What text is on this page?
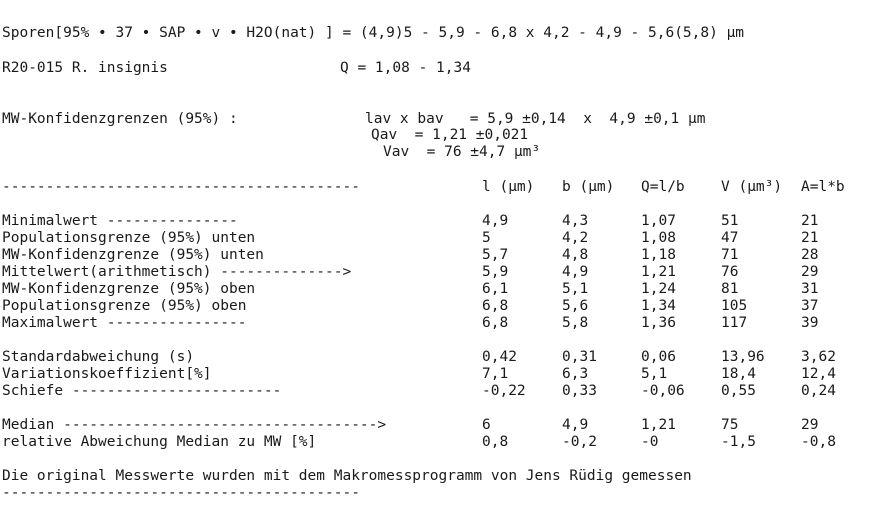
Sporen[95% • 37 • SAP • v • H2O(nat) ] = (4,9)5 - 5,9 - 6,8 x 4,2 - 4,9 - 5,6(5,8) µm
R20-015 R. insignis	Q = 1,08 - 1,34
MW-Konfidenzgrenzen (95%) :	lav x bav   = 5,9 ±0,14  x  4,9 ±0,1 µm
Qav  = 1,21 ±0,021
Vav  = 76 ±4,7 µm³
-----------------------------------------	l (µm) b (µm) Q=l/b	V (µm³) A=l*b
Minimalwert ---------------	4,9	4,3	1,07	51	21
Populationsgrenze (95%) unten	5	4,2	1,08	47	21
MW-Konfidenzgrenze (95%) unten	5,7	4,8	1,18	71	28
Mittelwert(arithmetisch) -------------->	5,9	4,9	1,21	76	29
MW-Konfidenzgrenze (95%) oben	6,1	5,1	1,24	81	31
Populationsgrenze (95%) oben	6,8	5,6	1,34	105	37
Maximalwert ----------------	6,8	5,8	1,36	117	39
Standardabweichung (s)	0,42	0,31	0,06	13,96	3,62
Variationskoeffizient[%]	7,1	6,3	5,1	18,4	12,4
Schiefe ------------------------	-0,22	0,33	-0,06	0,55	0,24
Median ------------------------------------>	6	4,9	1,21	75	29
relative Abweichung Median zu MW [%]	0,8	-0,2	-0	-1,5	-0,8
Die original Messwerte wurden mit dem Makromessprogramm von Jens Rüdig gemessen
-----------------------------------------
